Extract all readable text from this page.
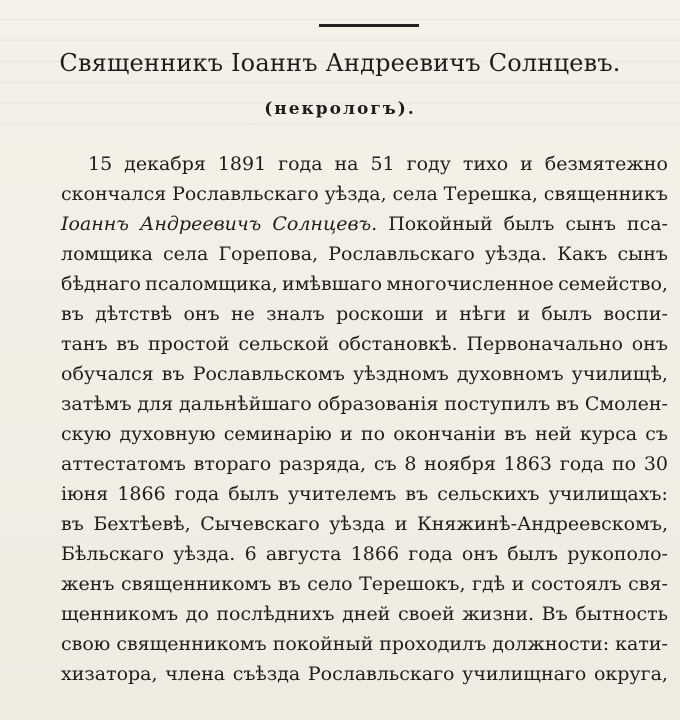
Священникъ Іоаннъ Андреевичъ Солнцевъ.
(некрологъ).
15 декабря 1891 года на 51 году тихо и безмятежно
скончался Рославльскаго уѣзда, села Терешка, священникъ
Іоаннъ Андреевичъ Солнцевъ. Покойный былъ сынъ пса-
ломщика села Горепова, Рославльскаго уѣзда. Какъ сынъ
бѣднаго псаломщика, имѣвшаго многочисленное семейство,
въ дѣтствѣ онъ не зналъ роскоши и нѣги и былъ воспи-
танъ въ простой сельской обстановкѣ. Первоначально онъ
обучался въ Рославльскомъ уѣздномъ духовномъ училищѣ,
затѣмъ для дальнѣйшаго образованія поступилъ въ Смолен-
скую духовную семинарію и по окончаніи въ ней курса съ
аттестатомъ втораго разряда, съ 8 ноября 1863 года по 30
іюня 1866 года былъ учителемъ въ сельскихъ училищахъ:
въ Бехтѣевѣ, Сычевскаго уѣзда и Княжинѣ-Андреевскомъ,
Бѣльскаго уѣзда. 6 августа 1866 года онъ былъ рукополо-
женъ священникомъ въ село Терешокъ, гдѣ и состоялъ свя-
щенникомъ до послѣднихъ дней своей жизни. Въ бытность
свою священникомъ покойный проходилъ должности: кати-
хизатора, члена съѣзда Рославльскаго училищнаго округа,
